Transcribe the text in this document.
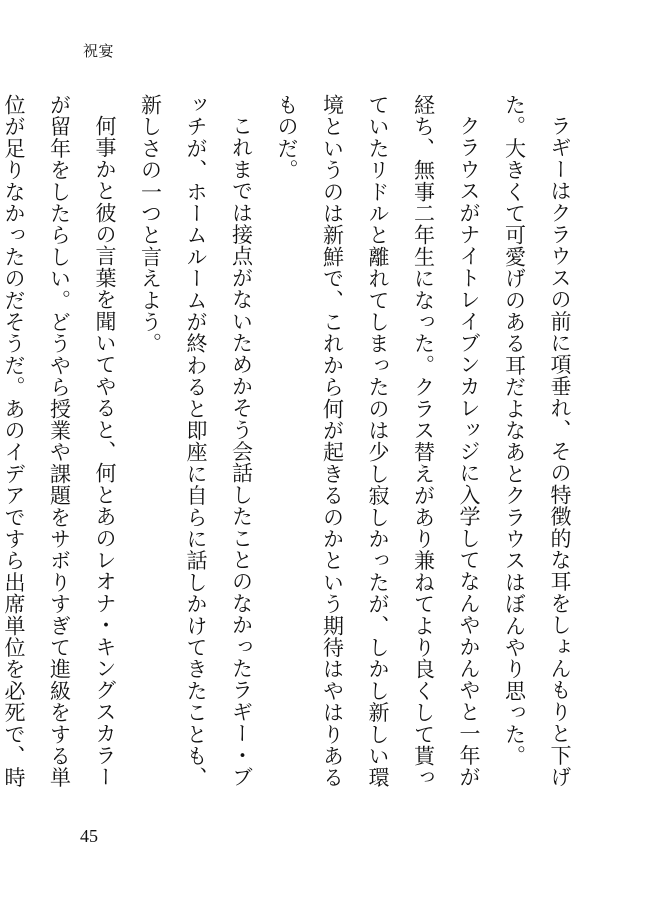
祝宴

ラギーはクラウスの前に項垂れ、その特徴的な耳をしょんもりと下げた。大きくて可愛げのある耳だよなあとクラウスはぼんやり思った。

クラウスがナイトレイブンカレッジに入学してなんやかんやと一年が経ち、無事二年生になった。クラス替えがあり兼ねてより良くして貰っていたリドルと離れてしまったのは少し寂しかったが、しかし新しい環境というのは新鮮で、これから何が起きるのかという期待はやはりあるものだ。

これまでは接点がないためかそう会話したことのなかったラギー・ブッチが、ホームルームが終わると即座に自らに話しかけてきたことも、新しさの一つと言えよう。

何事かと彼の言葉を聞いてやると、何とあのレオナ・キングスカラーが留年をしたらしい。どうやら授業や課題をサボりすぎて進級をする単位が足りなかったのだそうだ。あのイデアですら出席単位を必死で、時

45
